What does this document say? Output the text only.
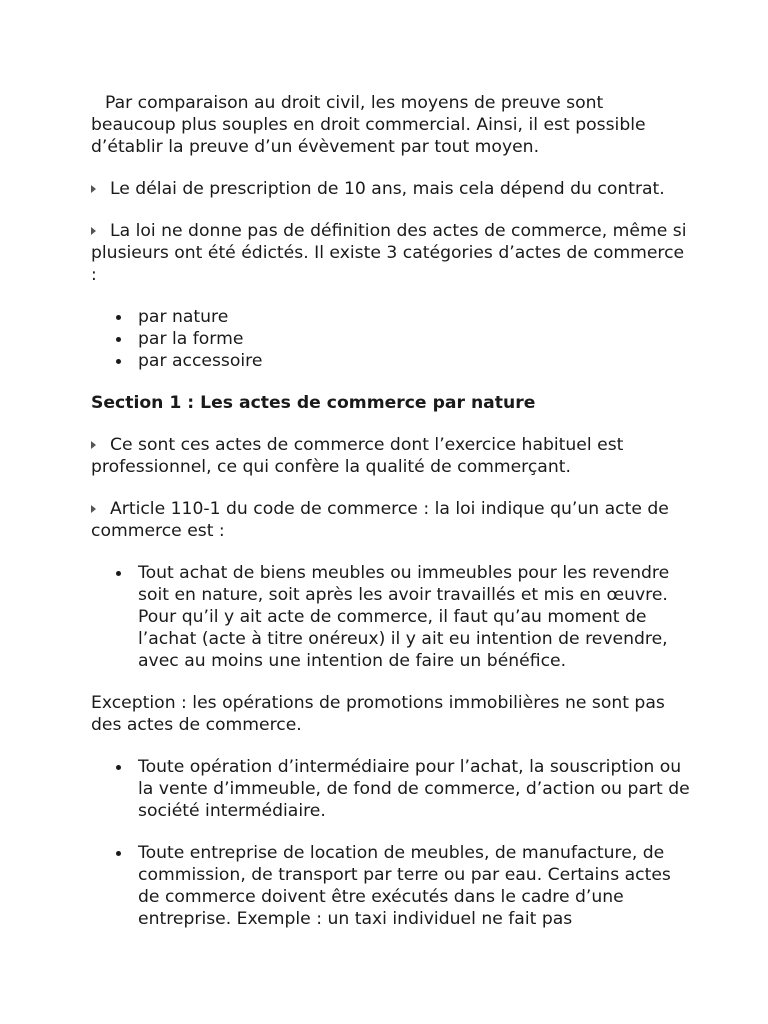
Par comparaison au droit civil, les moyens de preuve sont beaucoup plus souples en droit commercial. Ainsi, il est possible d’établir la preuve d’un évèvement par tout moyen.

Le délai de prescription de 10 ans, mais cela dépend du contrat.

La loi ne donne pas de définition des actes de commerce, même si plusieurs ont été édictés. Il existe 3 catégories d’actes de commerce :

par nature
par la forme
par accessoire

Section 1 : Les actes de commerce par nature

Ce sont ces actes de commerce dont l’exercice habituel est professionnel, ce qui confère la qualité de commerçant.

Article 110-1 du code de commerce : la loi indique qu’un acte de commerce est :

Tout achat de biens meubles ou immeubles pour les revendre soit en nature, soit après les avoir travaillés et mis en œuvre. Pour qu’il y ait acte de commerce, il faut qu’au moment de l’achat (acte à titre onéreux) il y ait eu intention de revendre, avec au moins une intention de faire un bénéfice.

Exception : les opérations de promotions immobilières ne sont pas des actes de commerce.

Toute opération d’intermédiaire pour l’achat, la souscription ou la vente d’immeuble, de fond de commerce, d’action ou part de société intermédiaire.
Toute entreprise de location de meubles, de manufacture, de commission, de transport par terre ou par eau. Certains actes de commerce doivent être exécutés dans le cadre d’une entreprise. Exemple : un taxi individuel ne fait pas
